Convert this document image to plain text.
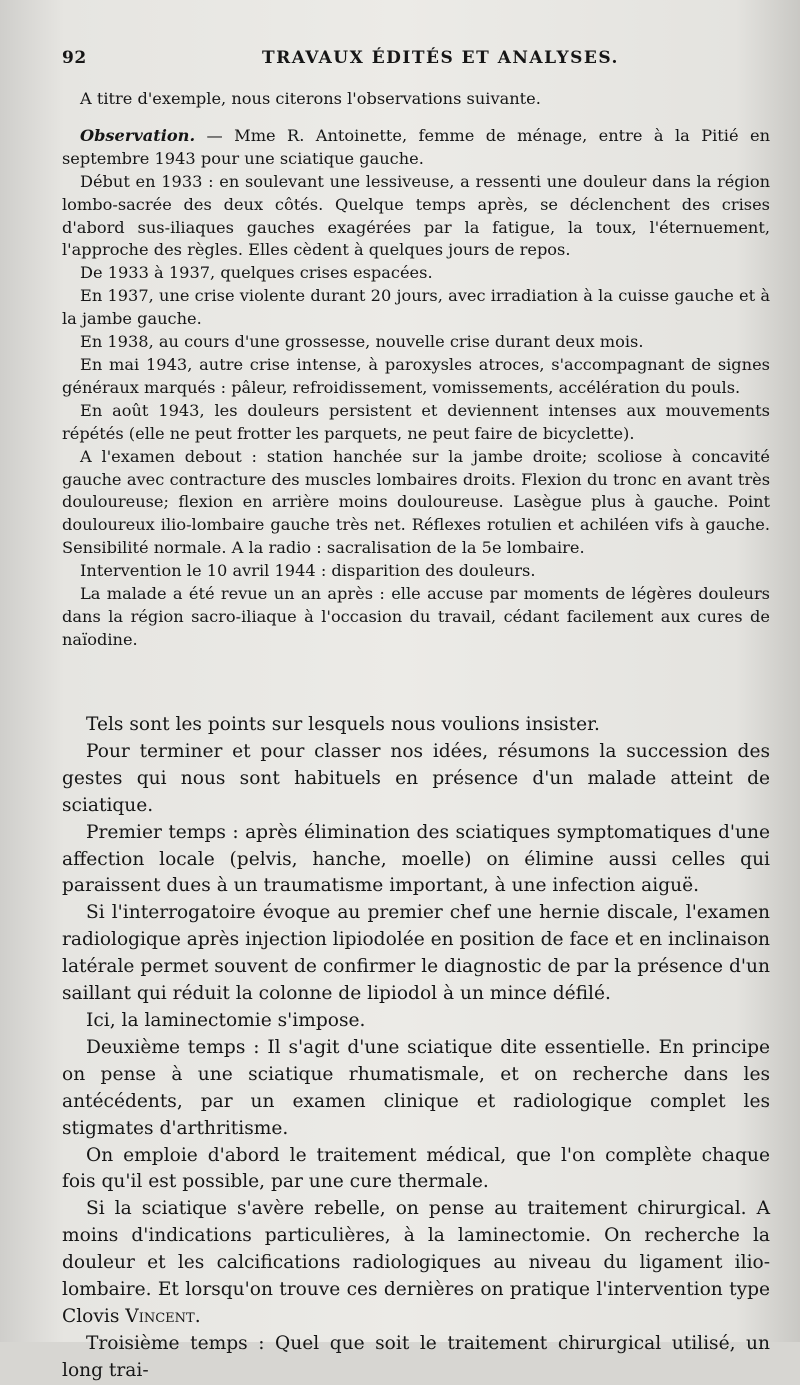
92	TRAVAUX ÉDITÉS ET ANALYSES.

A titre d'exemple, nous citerons l'observations suivante.

Observation. — Mme R. Antoinette, femme de ménage, entre à la Pitié en septembre 1943 pour une sciatique gauche.

Début en 1933 : en soulevant une lessiveuse, a ressenti une douleur dans la région lombo-sacrée des deux côtés. Quelque temps après, se déclenchent des crises d'abord sus-iliaques gauches exagérées par la fatigue, la toux, l'éternuement, l'approche des règles. Elles cèdent à quelques jours de repos.

De 1933 à 1937, quelques crises espacées.

En 1937, une crise violente durant 20 jours, avec irradiation à la cuisse gauche et à la jambe gauche.

En 1938, au cours d'une grossesse, nouvelle crise durant deux mois.

En mai 1943, autre crise intense, à paroxysles atroces, s'accompagnant de signes généraux marqués : pâleur, refroidissement, vomissements, accélération du pouls.

En août 1943, les douleurs persistent et deviennent intenses aux mouvements répétés (elle ne peut frotter les parquets, ne peut faire de bicyclette).

A l'examen debout : station hanchée sur la jambe droite; scoliose à concavité gauche avec contracture des muscles lombaires droits. Flexion du tronc en avant très douloureuse; flexion en arrière moins douloureuse. Lasègue plus à gauche. Point douloureux ilio-lombaire gauche très net. Réflexes rotulien et achiléen vifs à gauche. Sensibilité normale. A la radio : sacralisation de la 5e lombaire.

Intervention le 10 avril 1944 : disparition des douleurs.

La malade a été revue un an après : elle accuse par moments de légères douleurs dans la région sacro-iliaque à l'occasion du travail, cédant facilement aux cures de naïodine.

Tels sont les points sur lesquels nous voulions insister.

Pour terminer et pour classer nos idées, résumons la succession des gestes qui nous sont habituels en présence d'un malade atteint de sciatique.

Premier temps : après élimination des sciatiques symptomatiques d'une affection locale (pelvis, hanche, moelle) on élimine aussi celles qui paraissent dues à un traumatisme important, à une infection aiguë.

Si l'interrogatoire évoque au premier chef une hernie discale, l'examen radiologique après injection lipiodolée en position de face et en inclinaison latérale permet souvent de confirmer le diagnostic de par la présence d'un saillant qui réduit la colonne de lipiodol à un mince défilé.

Ici, la laminectomie s'impose.

Deuxième temps : Il s'agit d'une sciatique dite essentielle. En principe on pense à une sciatique rhumatismale, et on recherche dans les antécédents, par un examen clinique et radiologique complet les stigmates d'arthritisme.

On emploie d'abord le traitement médical, que l'on complète chaque fois qu'il est possible, par une cure thermale.

Si la sciatique s'avère rebelle, on pense au traitement chirurgical. A moins d'indications particulières, à la laminectomie. On recherche la douleur et les calcifications radiologiques au niveau du ligament ilio-lombaire. Et lorsqu'on trouve ces dernières on pratique l'intervention type Clovis Vincent.

Troisième temps : Quel que soit le traitement chirurgical utilisé, un long trai-
